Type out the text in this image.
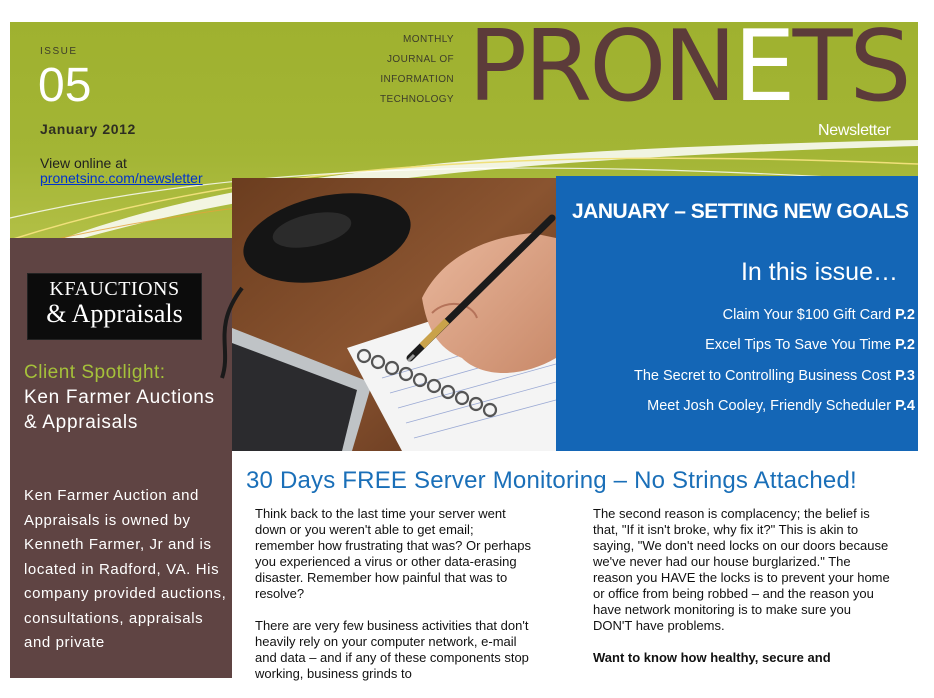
ISSUE
05
January 2012
View online at
pronetsinc.com/newsletter
MONTHLY
JOURNAL OF
INFORMATION
TECHNOLOGY PRONETS
Newsletter
KFAUCTIONS
& Appraisals
Client Spotlight:
Ken Farmer Auctions & Appraisals
Ken Farmer Auction and Appraisals is owned by Kenneth Farmer, Jr and is located in Radford, VA. His company provided auctions, consultations, appraisals and private
JANUARY – SETTING NEW GOALS
In this issue…
Claim Your $100 Gift Card P.2
Excel Tips To Save You Time P.2
The Secret to Controlling Business Cost P.3
Meet Josh Cooley, Friendly Scheduler P.4
30 Days FREE Server Monitoring – No Strings Attached!

Think back to the last time your server went down or you weren't able to get email; remember how frustrating that was? Or perhaps you experienced a virus or other data-erasing disaster. Remember how painful that was to resolve?

There are very few business activities that don't heavily rely on your computer network, e-mail and data – and if any of these components stop working, business grinds to

The second reason is complacency; the belief is that, "If it isn't broke, why fix it?" This is akin to saying, "We don't need locks on our doors because we've never had our house burglarized." The reason you HAVE the locks is to prevent your home or office from being robbed – and the reason you have network monitoring is to make sure you DON'T have problems.

Want to know how healthy, secure and
